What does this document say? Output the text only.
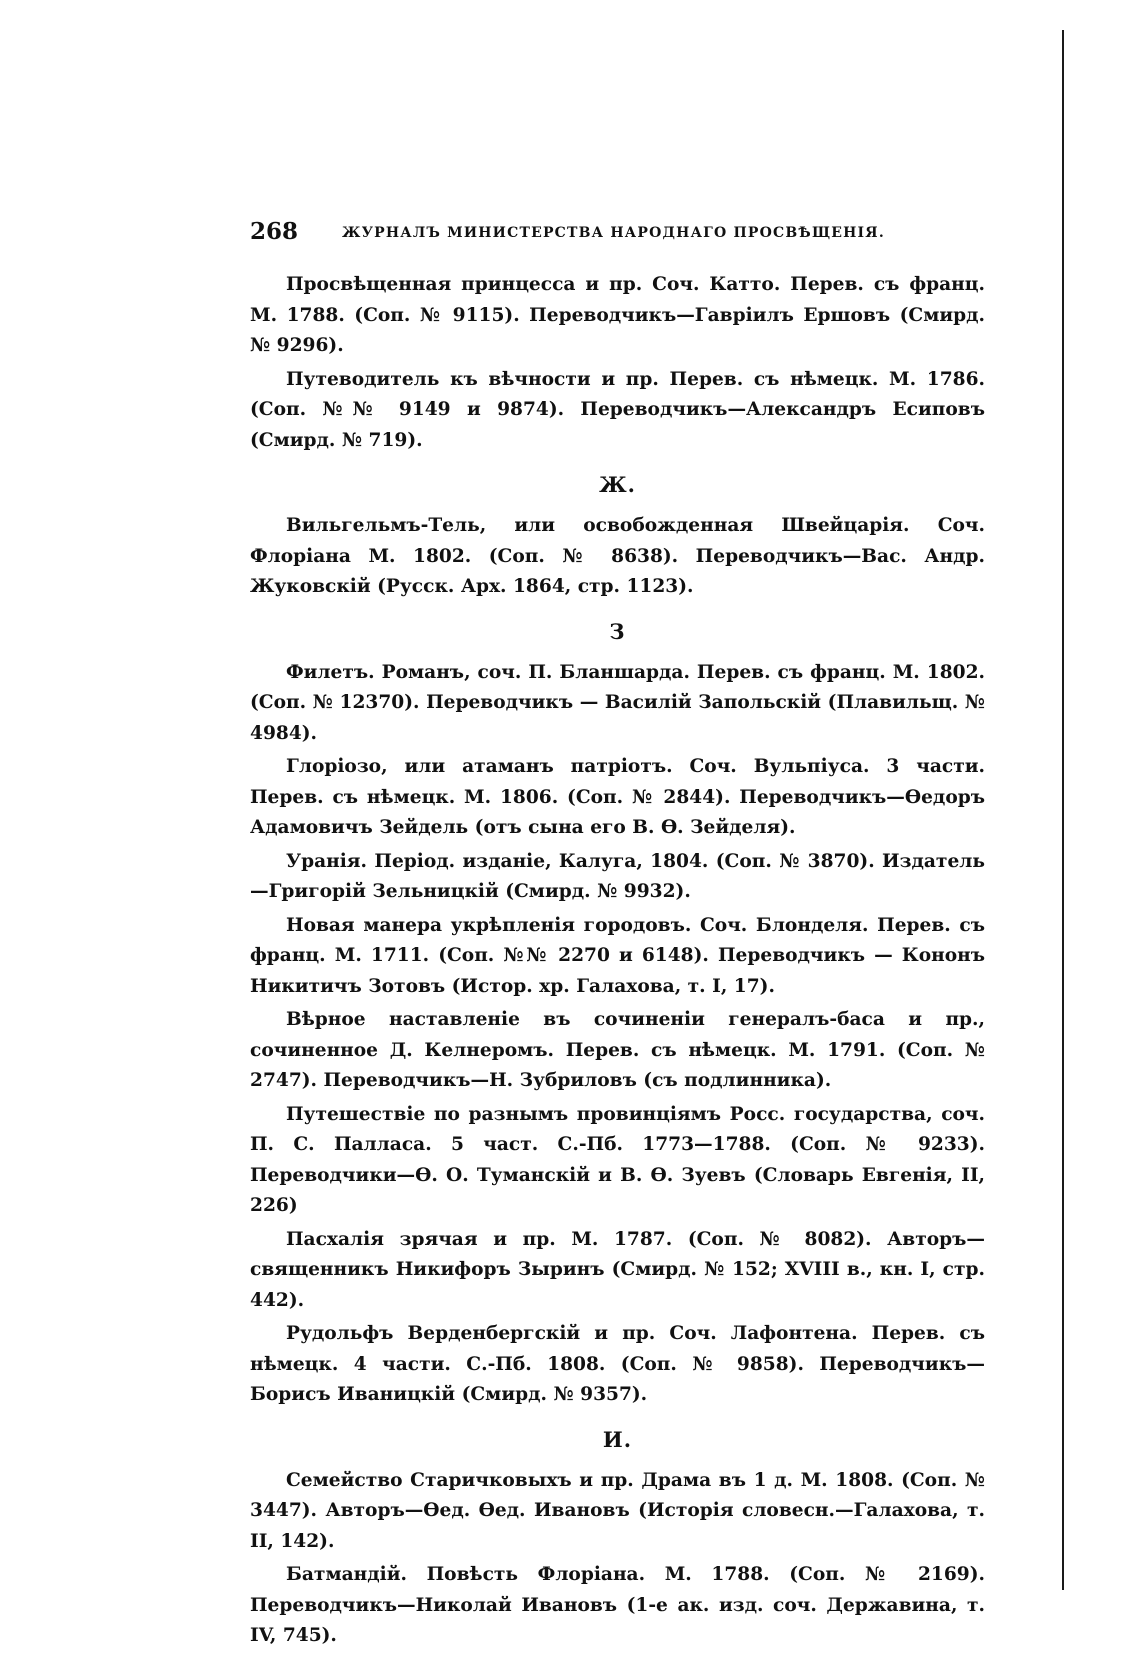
268	ЖУРНАЛЪ МИНИСТЕРСТВА НАРОДНАГО ПРОСВѢЩЕНІЯ.

Просвѣщенная принцесса и пр. Соч. Катто. Перев. съ франц. М. 1788. (Соп. № 9115). Переводчикъ—Гавріилъ Ершовъ (Смирд. № 9296).

Путеводитель къ вѣчности и пр. Перев. съ нѣмецк. М. 1786. (Соп. №№ 9149 и 9874). Переводчикъ—Александръ Есиповъ (Смирд. № 719).

Ж.

Вильгельмъ-Тель, или освобожденная Швейцарія. Соч. Флоріана М. 1802. (Соп. № 8638). Переводчикъ—Вас. Андр. Жуковскій (Русск. Арх. 1864, стр. 1123).

З

Филетъ. Романъ, соч. П. Бланшарда. Перев. съ франц. М. 1802. (Соп. № 12370). Переводчикъ — Василій Запольскій (Плавильщ. № 4984).

Глоріозо, или атаманъ патріотъ. Соч. Вульпіуса. 3 части. Перев. съ нѣмецк. М. 1806. (Соп. № 2844). Переводчикъ—Ѳедоръ Адамовичъ Зейдель (отъ сына его В. Ѳ. Зейделя).

Уранія. Період. изданіе, Калуга, 1804. (Соп. № 3870). Издатель—Григорій Зельницкій (Смирд. № 9932).

Новая манера укрѣпленія городовъ. Соч. Блонделя. Перев. съ франц. М. 1711. (Соп. №№ 2270 и 6148). Переводчикъ — Кононъ Никитичъ Зотовъ (Истор. хр. Галахова, т. I, 17).

Вѣрное наставленіе въ сочиненіи генералъ-баса и пр., сочиненное Д. Келнеромъ. Перев. съ нѣмецк. М. 1791. (Соп. № 2747). Переводчикъ—Н. Зубриловъ (съ подлинника).

Путешествіе по разнымъ провинціямъ Росс. государства, соч. П. С. Палласа. 5 част. С.-Пб. 1773—1788. (Соп. № 9233). Переводчики—Ѳ. О. Туманскій и В. Ѳ. Зуевъ (Словарь Евгенія, II, 226)

Пасхалія зрячая и пр. М. 1787. (Соп. № 8082). Авторъ—священникъ Никифоръ Зыринъ (Смирд. № 152; XVIII в., кн. I, стр. 442).

Рудольфъ Верденбергскій и пр. Соч. Лафонтена. Перев. съ нѣмецк. 4 части. С.-Пб. 1808. (Соп. № 9858). Переводчикъ—Борисъ Иваницкій (Смирд. № 9357).

И.

Семейство Старичковыхъ и пр. Драма въ 1 д. М. 1808. (Соп. № 3447). Авторъ—Ѳед. Ѳед. Ивановъ (Исторія словесн.—Галахова, т. II, 142).

Батмандій. Повѣсть Флоріана. М. 1788. (Соп. № 2169). Переводчикъ—Николай Ивановъ (1-е ак. изд. соч. Державина, т. IV, 745).
